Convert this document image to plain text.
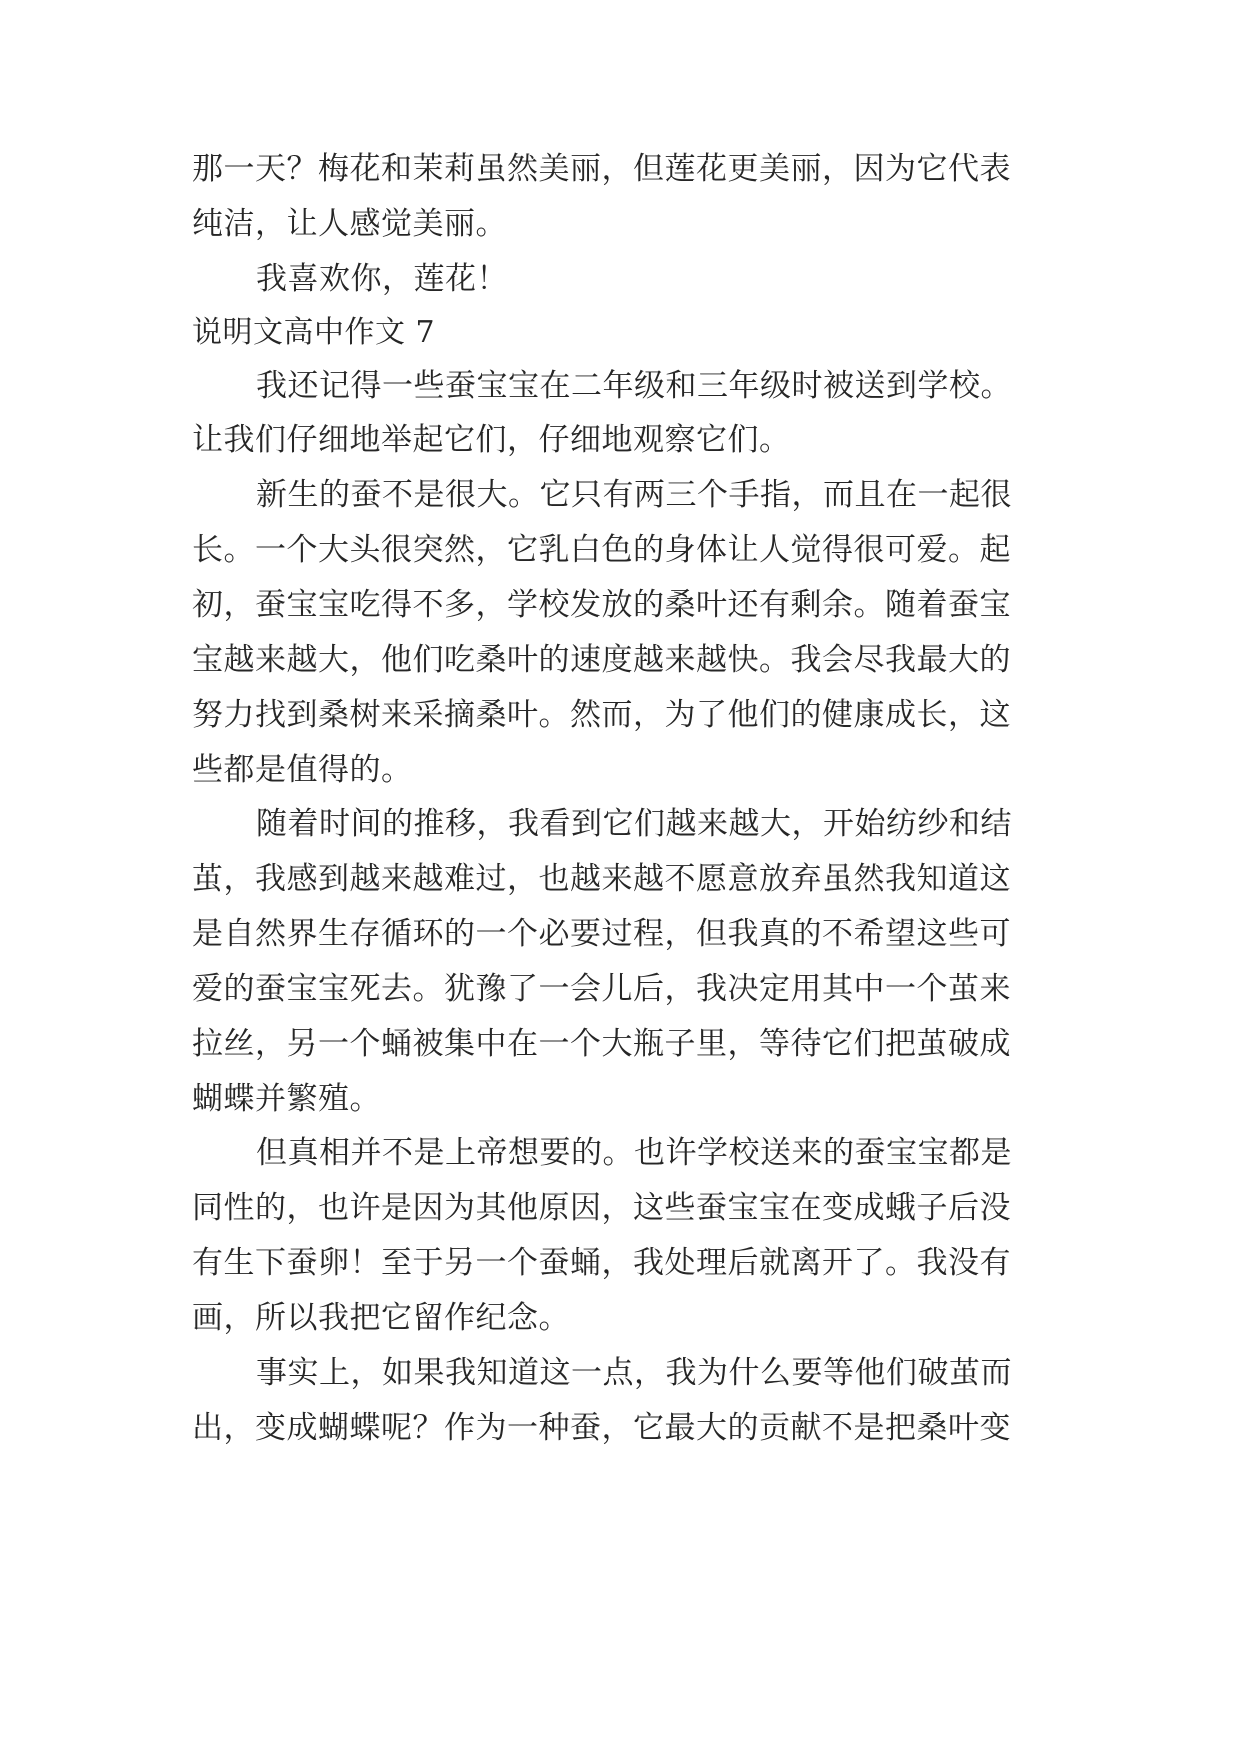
那一天？梅花和茉莉虽然美丽，但莲花更美丽，因为它代表
纯洁，让人感觉美丽。
我喜欢你，莲花！
说明文高中作文 7
我还记得一些蚕宝宝在二年级和三年级时被送到学校。
让我们仔细地举起它们，仔细地观察它们。
新生的蚕不是很大。它只有两三个手指，而且在一起很
长。一个大头很突然，它乳白色的身体让人觉得很可爱。起
初，蚕宝宝吃得不多，学校发放的桑叶还有剩余。随着蚕宝
宝越来越大，他们吃桑叶的速度越来越快。我会尽我最大的
努力找到桑树来采摘桑叶。然而，为了他们的健康成长，这
些都是值得的。
随着时间的推移，我看到它们越来越大，开始纺纱和结
茧，我感到越来越难过，也越来越不愿意放弃虽然我知道这
是自然界生存循环的一个必要过程，但我真的不希望这些可
爱的蚕宝宝死去。犹豫了一会儿后，我决定用其中一个茧来
拉丝，另一个蛹被集中在一个大瓶子里，等待它们把茧破成
蝴蝶并繁殖。
但真相并不是上帝想要的。也许学校送来的蚕宝宝都是
同性的，也许是因为其他原因，这些蚕宝宝在变成蛾子后没
有生下蚕卵！至于另一个蚕蛹，我处理后就离开了。我没有
画，所以我把它留作纪念。
事实上，如果我知道这一点，我为什么要等他们破茧而
出，变成蝴蝶呢？作为一种蚕，它最大的贡献不是把桑叶变
